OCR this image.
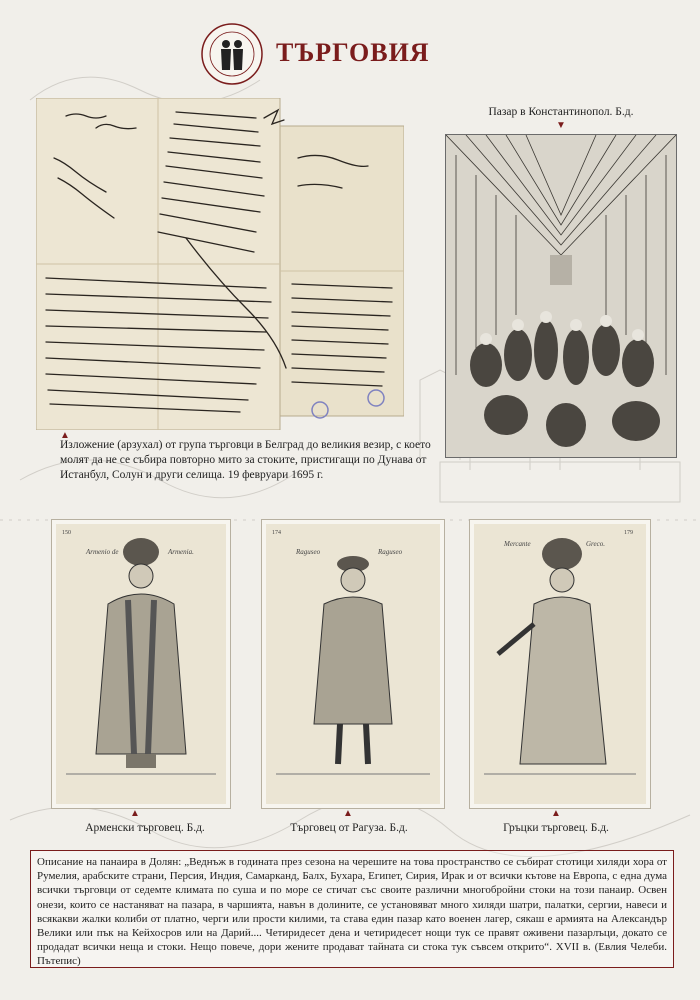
•
ТЪРГОВИЯ
▲
Изложение (арзухал) от група търговци в Белград до великия везир, с което молят да не се събира повторно мито за стоките, пристигащи по Дунава от Истанбул, Солун и други селища. 19 февруари 1695 г.
Пазар в Константинопол. Б.д.
▼
150
Armenio de	Armenia.
174
Raguseo	Raguseo
179
Mercante	Greco.
▲	▲	▲
Арменски търговец. Б.д.	Търговец от Рагуза. Б.д.	Гръцки търговец. Б.д.
Описание на панаира в Долян: „Веднъж в годината през сезона на черешите на това пространство се събират стотици хиляди хора от Румелия, арабските страни, Персия, Индия, Самарканд, Балх, Бухара, Египет, Сирия, Ирак и от всички кътове на Европа, с една дума всички търговци от седемте климата по суша и по море се стичат със своите различни многобройни стоки на този панаир. Освен онези, които се настаняват на пазара, в чаршията, навън в долините, се установяват много хиляди шатри, палатки, сергии, навеси и всякакви жалки колиби от платно, черги или прости килими, та става един пазар като военен лагер, сякаш е армията на Александър Велики или пък на Кейхосров или на Дарий.... Четиридесет дена и четиридесет нощи тук се правят оживени пазарлъци, докато се продадат всички неща и стоки. Нещо повече, дори жените продават тайната си стока тук съвсем открито“. XVII в. (Евлия Челеби. Пътепис)
